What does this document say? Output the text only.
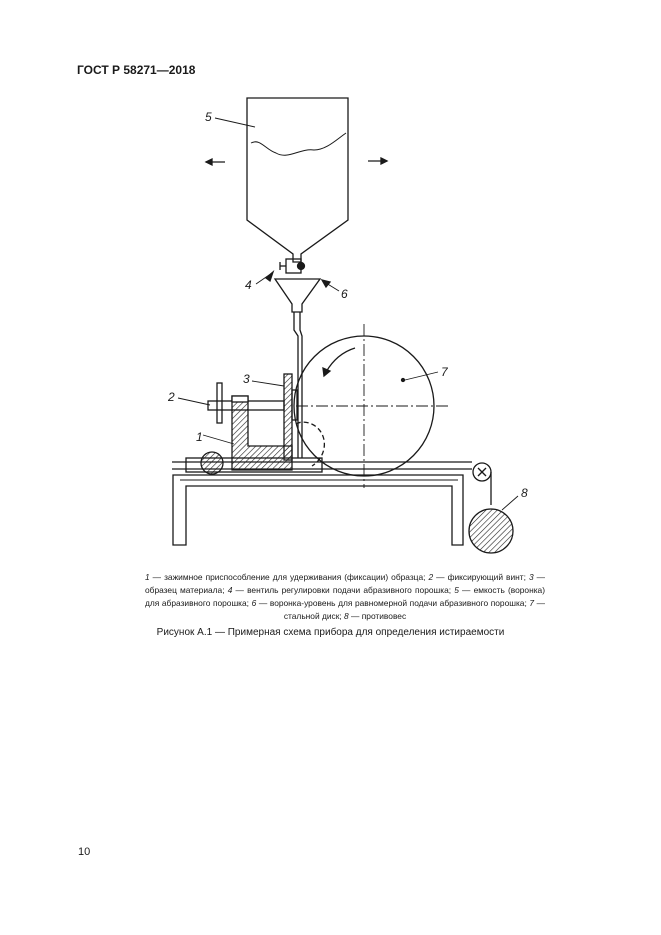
ГОСТ Р 58271—2018
1
2
3
4
5
6
7
8
1 — зажимное приспособление для удерживания (фиксации) образца; 2 — фиксирующий винт; 3 — образец материала; 4 — вентиль регулировки подачи абразивного порошка; 5 — емкость (воронка) для абразивного порошка; 6 — воронка-уровень для равномерной подачи абразивного порошка; 7 — стальной диск; 8 — противовес
Рисунок А.1 — Примерная схема прибора для определения истираемости
10
